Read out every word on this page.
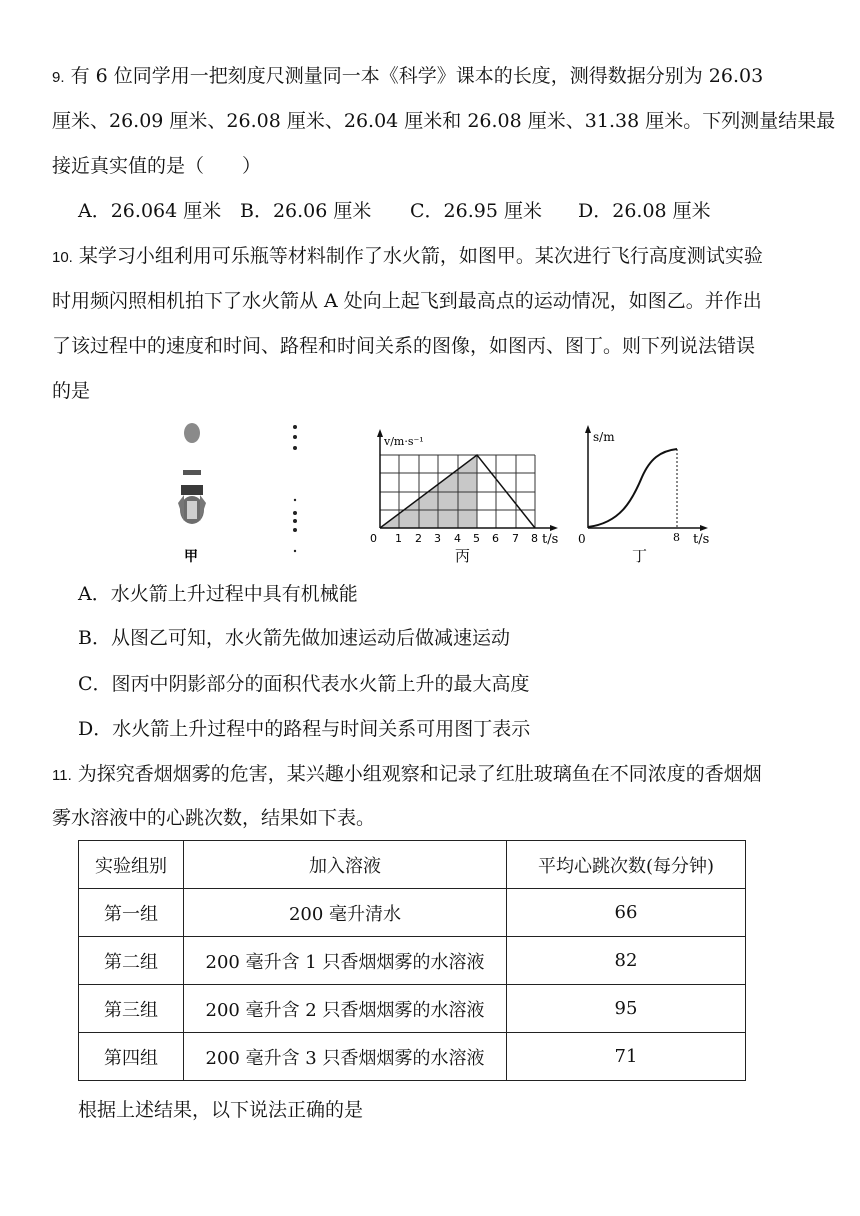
9. 有 6 位同学用一把刻度尺测量同一本《科学》课本的长度，测得数据分别为 26.03
厘米、26.09 厘米、26.08 厘米、26.04 厘米和 26.08 厘米、31.38 厘米。下列测量结果最
接近真实值的是（　　）
A．26.064 厘米 B．26.06 厘米 C．26.95 厘米 D．26.08 厘米
10. 某学习小组利用可乐瓶等材料制作了水火箭，如图甲。某次进行飞行高度测试实验
时用频闪照相机拍下了水火箭从 A 处向上起飞到最高点的运动情况，如图乙。并作出
了该过程中的速度和时间、路程和时间关系的图像，如图丙、图丁。则下列说法错误
的是
甲
v/m·s⁻¹
t/s
0 1 2 3 4 5 6 7 8
丙
s/m
t/s
0	8
丁
A．水火箭上升过程中具有机械能
B．从图乙可知，水火箭先做加速运动后做减速运动
C．图丙中阴影部分的面积代表水火箭上升的最大高度
D．水火箭上升过程中的路程与时间关系可用图丁表示
11. 为探究香烟烟雾的危害，某兴趣小组观察和记录了红肚玻璃鱼在不同浓度的香烟烟
雾水溶液中的心跳次数，结果如下表。
实验组别	加入溶液	平均心跳次数(每分钟)
第一组	200 毫升清水	66
第二组	200 毫升含 1 只香烟烟雾的水溶液	82
第三组	200 毫升含 2 只香烟烟雾的水溶液	95
第四组	200 毫升含 3 只香烟烟雾的水溶液	71
根据上述结果，以下说法正确的是
